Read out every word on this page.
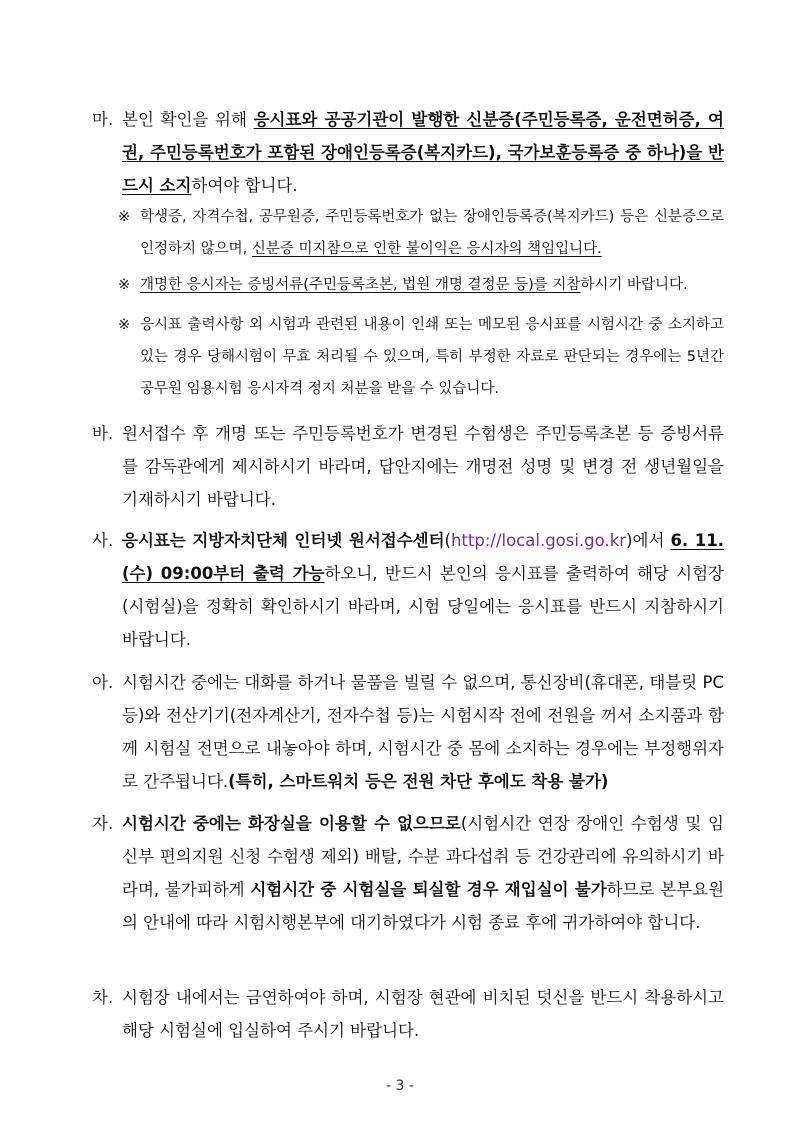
마. 본인 확인을 위해 응시표와 공공기관이 발행한 신분증(주민등록증, 운전면허증, 여권, 주민등록번호가 포함된 장애인등록증(복지카드), 국가보훈등록증 중 하나)을 반드시 소지하여야 합니다.
※ 학생증, 자격수첩, 공무원증, 주민등록번호가 없는 장애인등록증(복지카드) 등은 신분증으로 인정하지 않으며, 신분증 미지참으로 인한 불이익은 응시자의 책임입니다.
※ 개명한 응시자는 증빙서류(주민등록초본, 법원 개명 결정문 등)를 지참하시기 바랍니다.
※ 응시표 출력사항 외 시험과 관련된 내용이 인쇄 또는 메모된 응시표를 시험시간 중 소지하고 있는 경우 당해시험이 무효 처리될 수 있으며, 특히 부정한 자료로 판단되는 경우에는 5년간 공무원 임용시험 응시자격 정지 처분을 받을 수 있습니다.
바. 원서접수 후 개명 또는 주민등록번호가 변경된 수험생은 주민등록초본 등 증빙서류를 감독관에게 제시하시기 바라며, 답안지에는 개명전 성명 및 변경 전 생년월일을 기재하시기 바랍니다.
사. 응시표는 지방자치단체 인터넷 원서접수센터(http://local.gosi.go.kr)에서 6. 11.(수) 09:00부터 출력 가능하오니, 반드시 본인의 응시표를 출력하여 해당 시험장(시험실)을 정확히 확인하시기 바라며, 시험 당일에는 응시표를 반드시 지참하시기 바랍니다.
아. 시험시간 중에는 대화를 하거나 물품을 빌릴 수 없으며, 통신장비(휴대폰, 태블릿 PC 등)와 전산기기(전자계산기, 전자수첩 등)는 시험시작 전에 전원을 꺼서 소지품과 함께 시험실 전면으로 내놓아야 하며, 시험시간 중 몸에 소지하는 경우에는 부정행위자로 간주됩니다.(특히, 스마트워치 등은 전원 차단 후에도 착용 불가)
자. 시험시간 중에는 화장실을 이용할 수 없으므로(시험시간 연장 장애인 수험생 및 임신부 편의지원 신청 수험생 제외) 배탈, 수분 과다섭취 등 건강관리에 유의하시기 바라며, 불가피하게 시험시간 중 시험실을 퇴실할 경우 재입실이 불가하므로 본부요원의 안내에 따라 시험시행본부에 대기하였다가 시험 종료 후에 귀가하여야 합니다.
차. 시험장 내에서는 금연하여야 하며, 시험장 현관에 비치된 덧신을 반드시 착용하시고 해당 시험실에 입실하여 주시기 바랍니다.
- 3 -
